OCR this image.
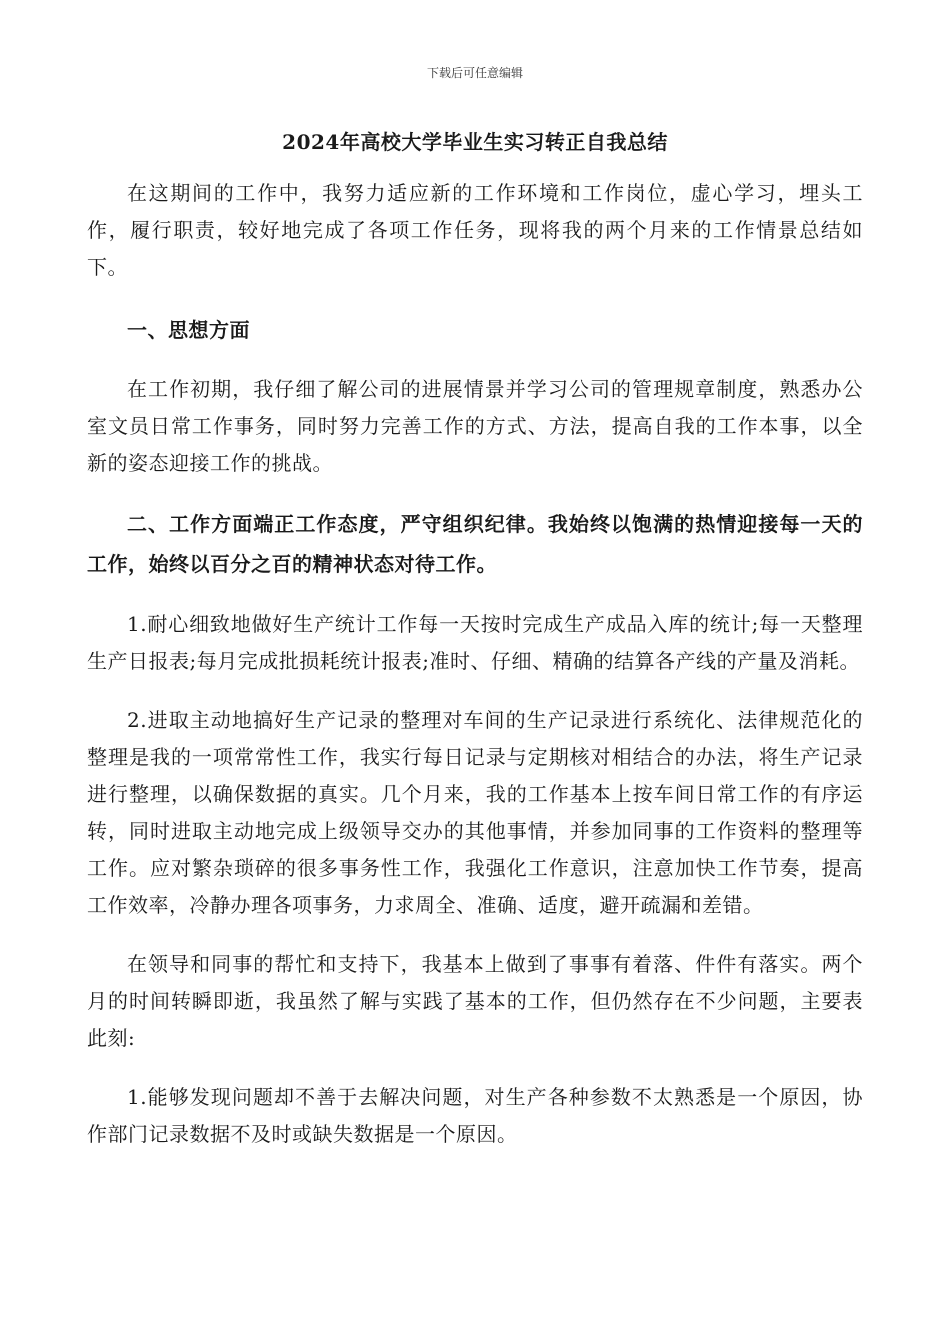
下载后可任意编辑
2024年高校大学毕业生实习转正自我总结

在这期间的工作中，我努力适应新的工作环境和工作岗位，虚心学习，埋头工作，履行职责，较好地完成了各项工作任务，现将我的两个月来的工作情景总结如下。

一、思想方面

在工作初期，我仔细了解公司的进展情景并学习公司的管理规章制度，熟悉办公室文员日常工作事务，同时努力完善工作的方式、方法，提高自我的工作本事，以全新的姿态迎接工作的挑战。

二、工作方面端正工作态度，严守组织纪律。我始终以饱满的热情迎接每一天的工作，始终以百分之百的精神状态对待工作。

1.耐心细致地做好生产统计工作每一天按时完成生产成品入库的统计;每一天整理生产日报表;每月完成批损耗统计报表;准时、仔细、精确的结算各产线的产量及消耗。

2.进取主动地搞好生产记录的整理对车间的生产记录进行系统化、法律规范化的整理是我的一项常常性工作，我实行每日记录与定期核对相结合的办法，将生产记录进行整理，以确保数据的真实。几个月来，我的工作基本上按车间日常工作的有序运转，同时进取主动地完成上级领导交办的其他事情，并参加同事的工作资料的整理等工作。应对繁杂琐碎的很多事务性工作，我强化工作意识，注意加快工作节奏，提高工作效率，冷静办理各项事务，力求周全、准确、适度，避开疏漏和差错。

在领导和同事的帮忙和支持下，我基本上做到了事事有着落、件件有落实。两个月的时间转瞬即逝，我虽然了解与实践了基本的工作，但仍然存在不少问题，主要表此刻:

1.能够发现问题却不善于去解决问题，对生产各种参数不太熟悉是一个原因，协作部门记录数据不及时或缺失数据是一个原因。
